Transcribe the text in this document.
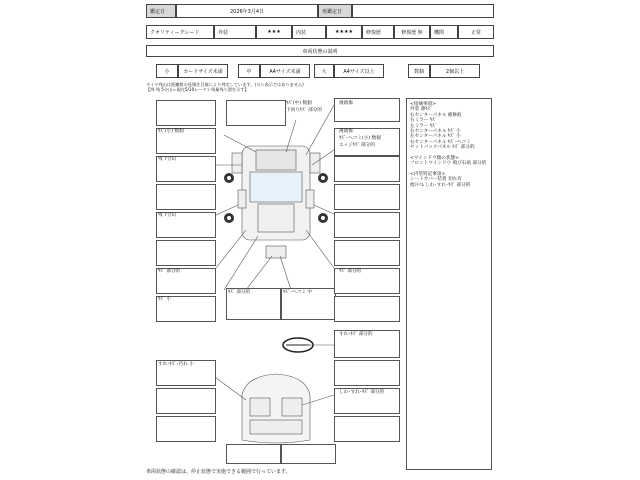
鑑定日	2026年3月4日	再鑑定日
クオリティーグレード	外装	★★★	内装	★★★★	修復歴	修復歴 無	機関	正常
車両状態の説明
小	カードサイズ未満	中	A4サイズ未満	大	A4サイズ以上	数個	2個以上
タイヤ残山は距離数の見積を目視により判定しています。(与り表示ではありません)
【例 残 5分山＝現在5/10レーヤン残量残り滑を示す】
ｷｽﾞ(中) 数個
下回りｷｽﾞ 部分的
薄錆傷
ｷｽﾞ(小) 数個	薄錆傷
ｷｽﾞ･ヘコミ(小) 数個
エッジｷｽﾞ 部分的
残 7分山
残 7分山
ｷｽﾞ 部分的	ｷｽﾞ 部分的
ｷｽﾞ 小
ｷｽﾞ 部分的	ｷｽﾞ･ヘコミ 中
すれ･ｷｽﾞ 部分的
すれ･ｷｽﾞ･汚れ 小
しわ･すれ･ｷｽﾞ 部分的
<指摘事項>
外装 薄ｷｽﾞ
右センターパネル 補修痕
右ミラー ｷｽﾞ
左ミラー ｷｽﾞ
右センターパネル ｷｽﾞ 小
左センターパネル ｷｽﾞ 小
右センターパネル ｷｽﾞ･ヘコミ
セットバックパネル ｷｽﾞ 部分的
<ウインドウ類の状態>
フロントウインドウ 飛び石痕 部分的
<内装特記事項>
シートカバー装着 切れ有
他ｼﾄﾘﾑ しわ･すれ･ｷｽﾞ 部分的
車両状態の確認は、停止状態で実施できる範囲で行っています。
